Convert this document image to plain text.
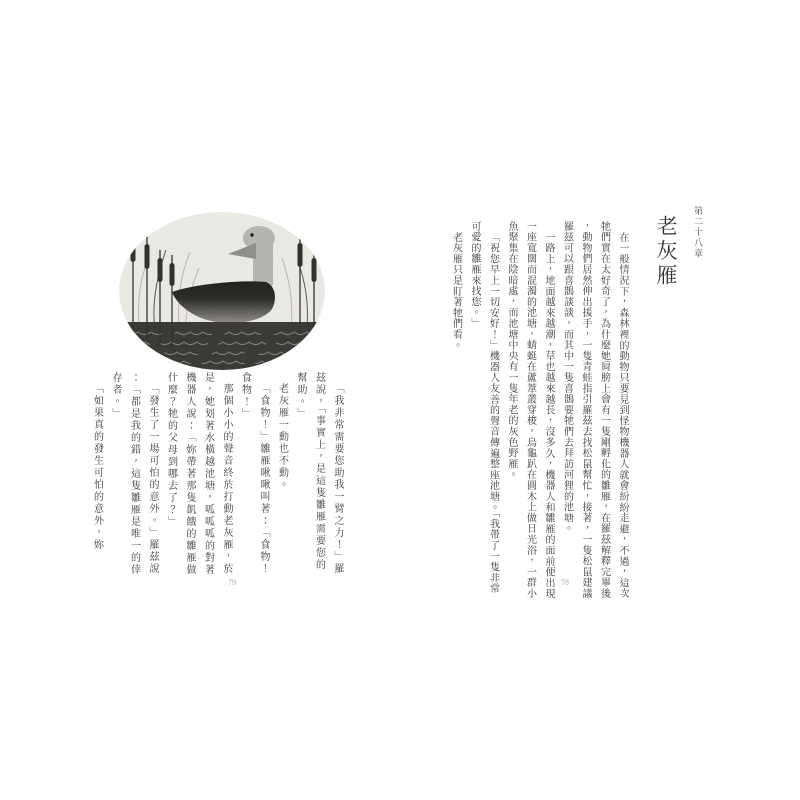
「我非常需要您助我一臂之力！」羅茲說，「事實上，是這隻雛雁需要您的幫助。」

老灰雁一動也不動。

「食物！」雛雁啾啾叫著：「食物！食物！」

那個小小的聲音終於打動老灰雁，於是，她划著水橫越池塘，呱呱呱的對著機器人說：「妳帶著那隻飢餓的雛雁做什麼？牠的父母到哪去了？」

「發生了一場可怕的意外。」羅茲說：「都是我的錯，這隻雛雁是唯一的倖存者。」

「如果真的發生可怕的意外，妳

79
第二十八章
老灰雁

在一般情況下，森林裡的動物只要見到怪物機器人就會紛紛走避，不過，這次牠們實在太好奇了，為什麼她肩膀上會有一隻剛孵化的雛雁，在羅茲解釋完畢後，動物們居然伸出援手，一隻青蛙指引羅茲去找松鼠幫忙，接著，一隻松鼠建議羅茲可以跟喜鵲談談，而其中一隻喜鵲要牠們去拜訪河狸的池塘。

一路上，地面越來越潮，草也越來越長，沒多久，機器人和雛雁的面前便出現一座寬闊而混濁的池塘，蜻蜓在蘆葦叢穿梭，烏龜趴在圓木上做日光浴，一群小魚聚集在陰暗處，而池塘中央有一隻年老的灰色野雁。

「祝您早上一切安好！」機器人友善的聲音傳遍整座池塘。「我帶了一隻非常可愛的雛雁來找您。」

老灰雁只是盯著牠們看。

78
